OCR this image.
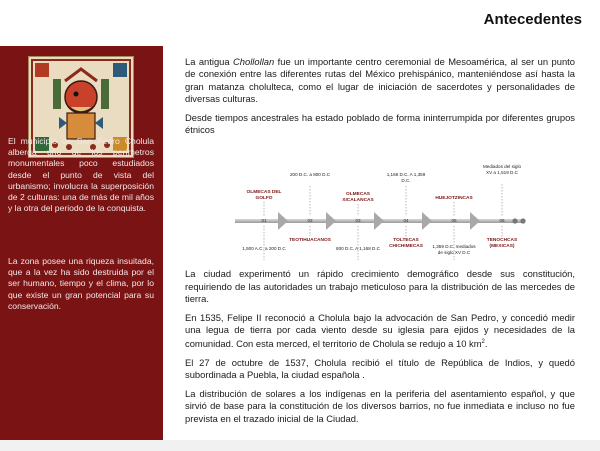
Antecedentes
El municipio de San Pedro Cholula alberga uno de los perímetros monumentales poco estudiados desde el punto de vista del urbanismo; involucra la superposición de 2 culturas: una de más de mil años y la otra del periodo de la conquista.
La zona posee una riqueza insuitada, que a la vez ha sido destruida por el ser humano, tiempo y el clima, por lo que existe un gran potencial para su conservación.

La antigua Chollollan fue un importante centro ceremonial de Mesoamérica, al ser un punto de conexión entre las diferentes rutas del México prehispánico, manteniéndose así hasta la gran matanza cholulteca, como el lugar de iniciación de sacerdotes y personalidades de diversas culturas.

Desde tiempos ancestrales ha estado poblado de forma ininterrumpida por diferentes grupos étnicos

01	02	03	04	05	06
OLMECAS DEL GOLFO
TEOTIHUACANOS
OLMECAS XICALANCAS
TOLTECAS CHICHIMECAS
HUEJOTZINCAS
TENOCHCAS (MEXICAS)
1,500 A.C. a 200 D.C
200 D.C. a 800 D.C
800 D.C. A 1,168 D.C
1,168 D.C. A 1,359 D.C.
1,359 D.C. mediados de siglo XV D.C
Mediados del siglo XV a 1,519 D.C

La ciudad experimentó un rápido crecimiento demográfico desde sus constitución, requiriendo de las autoridades un trabajo meticuloso para la distribución de las mercedes de tierra.

En 1535, Felipe II reconoció a Cholula bajo la advocación de San Pedro, y concedió medir una legua de tierra por cada viento desde su iglesia para ejidos y necesidades de la comunidad. Con esta merced, el territorio de Cholula se redujo a 10 $km^2$.

El 27 de octubre de 1537, Cholula recibió el título de República de Indios, y quedó subordinada a Puebla, la ciudad española .

La distribución de solares a los indígenas en la periferia del asentamiento español, y que sirvió de base para la constitución de los diversos barrios, no fue inmediata e incluso no fue prevista en el trazado inicial de la Ciudad.
